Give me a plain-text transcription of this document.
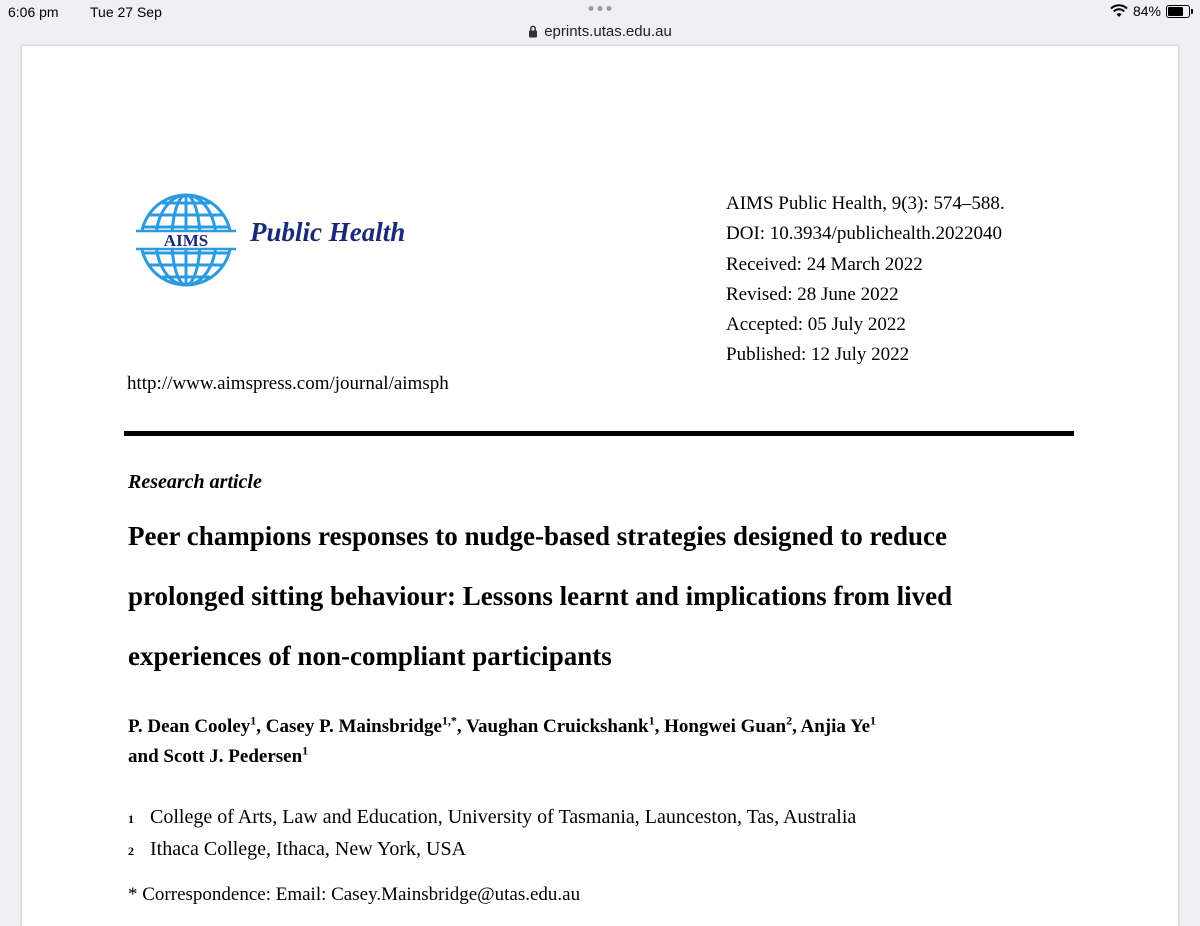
6:06 pm Tue 27 Sep	84%
eprints.utas.edu.au
AIMS Public Health
AIMS Public Health, 9(3): 574–588.
DOI: 10.3934/publichealth.2022040
Received: 24 March 2022
Revised: 28 June 2022
Accepted: 05 July 2022
Published: 12 July 2022
http://www.aimspress.com/journal/aimsph
Research article
Peer champions responses to nudge-based strategies designed to reduce
prolonged sitting behaviour: Lessons learnt and implications from lived
experiences of non-compliant participants
P. Dean Cooley$^1$, Casey P. Mainsbridge$^{1,*}$, Vaughan Cruickshank$^1$, Hongwei Guan$^2$, Anjia Ye$^1$
and Scott J. Pedersen$^1$
1 College of Arts, Law and Education, University of Tasmania, Launceston, Tas, Australia
2 Ithaca College, Ithaca, New York, USA
* Correspondence: Email: Casey.Mainsbridge@utas.edu.au
